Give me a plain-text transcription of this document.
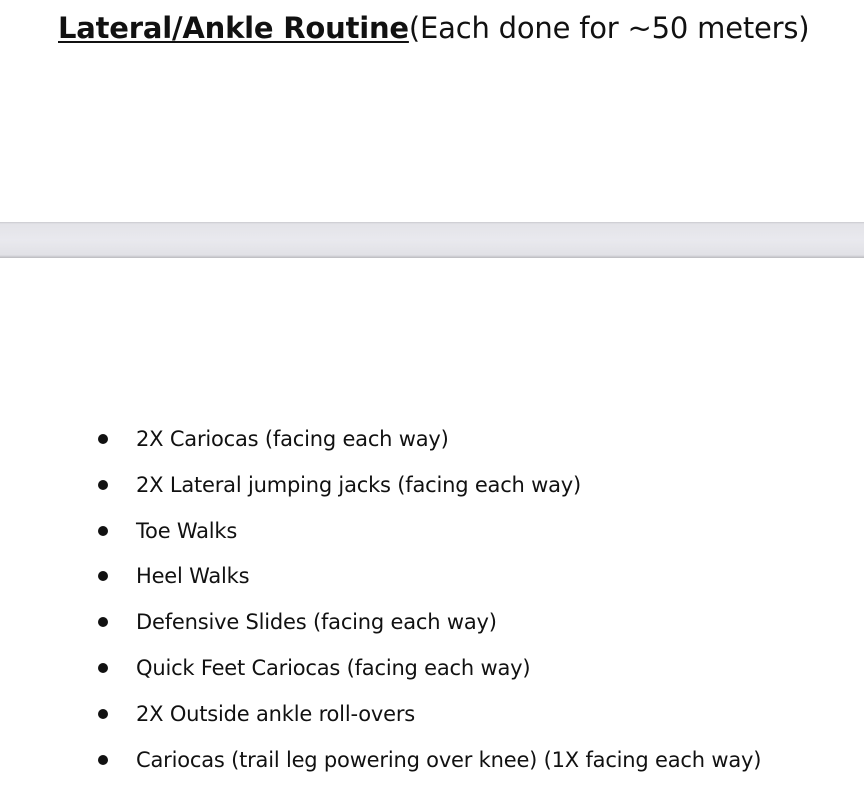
Lateral/Ankle Routine(Each done for ~50 meters)
2X Cariocas (facing each way)
2X Lateral jumping jacks (facing each way)
Toe Walks
Heel Walks
Defensive Slides (facing each way)
Quick Feet Cariocas (facing each way)
2X Outside ankle roll-overs
Cariocas (trail leg powering over knee) (1X facing each way)
